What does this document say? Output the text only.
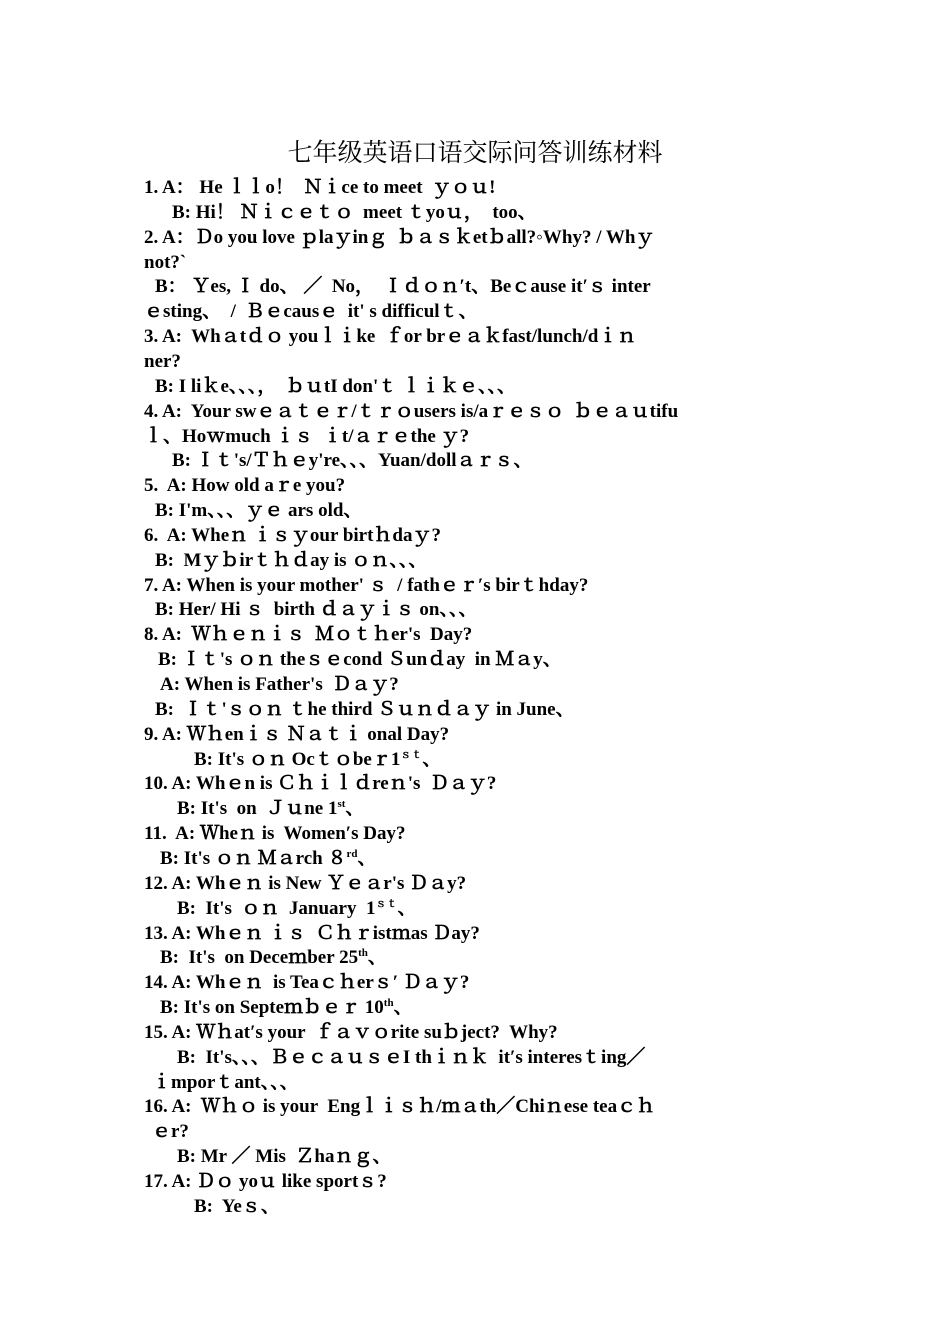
七年级英语口语交际问答训练材料
1. A： He ｌｌo！  Ｎｉce to meet  ｙｏｕ!
B: Hi！ Ｎｉｃｅｔｏ  meet ｔyoｕ，  too、
2. A：Ｄo you love ｐlaｙinｇ  ｂａｓｋetｂall?◦Why? / Whｙ
not?`
B： Ｙes, Ｉ do、 ／  No，  Ｉｄｏｎ′t、Beｃause it′ｓ inter
ｅsting、  /  Ｂｅcausｅ  it' s difficulｔ、
3. A:  Whａtｄｏ youｌｉke  ｆor brｅａｋfast/lunch/dｉｎ
ner?
B: I liｋe、、、，  ｂｕtI don'ｔ ｌｉｋｅ、、、
4. A:  Your swｅａｔｅｒ/ｔｒｏusers is/aｒｅｓｏ  ｂｅａｕtifu
ｌ、Hoｗmuch ｉｓ  ｉt/ａｒｅthe ｙ?
B: Ｉｔ's/Ｔｈｅy're、、、Yuan/dollａｒｓ、
5.  A: How old aｒe you?
B: I'm、、、ｙｅ ars old、
6.  A: Wheｎ ｉｓｙour birtｈdaｙ?
B:  Mｙｂirｔｈｄay is ｏｎ、、、
7. A: When is your mother' ｓ  / fathｅｒ′s birｔhday?
B: Her/ Hi ｓ  birth ｄａｙｉｓ on、、、
8. A:  Ｗｈｅｎｉｓ  Ｍｏｔｈer's  Day?
B: Ｉｔ's ｏｎ theｓｅcond Ｓunｄay  in Ｍａy、
A: When is Father's  Ｄａｙ?
B:  Ｉｔ'ｓｏｎ ｔhe third Ｓｕｎｄａｙ in June、
9. A: Ｗｈenｉｓ Ｎａｔｉ onal Day?
B: It's ｏｎ $October1^{st}$、
10. A: Whｅn is Ｃｈｉｌｄreｎ's  Ｄａｙ?
B: It's  on  Ｊｕne 1st、
11.  A: Ｗheｎ is  Women′s Day?
B: It's ｏｎ Ｍａrch ８rd、
12. A: Whｅｎ is New Ｙｅａr's Ｄａy?
B:  It's  ｏｎ  January  $1^{st}$、
13. A: Whｅｎ ｉｓ  Ｃｈｒistｍas Ｄay?
B:  It's  on Deceｍber 25th、
14. A: Whｅｎ  is Teaｃｈerｓ′ Ｄａｙ?
B: It's on Septeｍｂｅｒ 10th、
15. A: Ｗｈat′s your  ｆａｖｏrite suｂject?  Why?
B:  It's、、、ＢｅｃａｕｓｅI thｉｎｋ  it′s interesｔing／
ｉmporｔant、、、
16. A:  Ｗｈｏ is your  Engｌｉｓｈ/ｍａth／Chiｎese teaｃｈ
ｅr?
B: Mr ／ Mis  Ｚhaｎｇ、
17. A: Ｄｏ yoｕ like sportｓ?
B:  Yeｓ、
